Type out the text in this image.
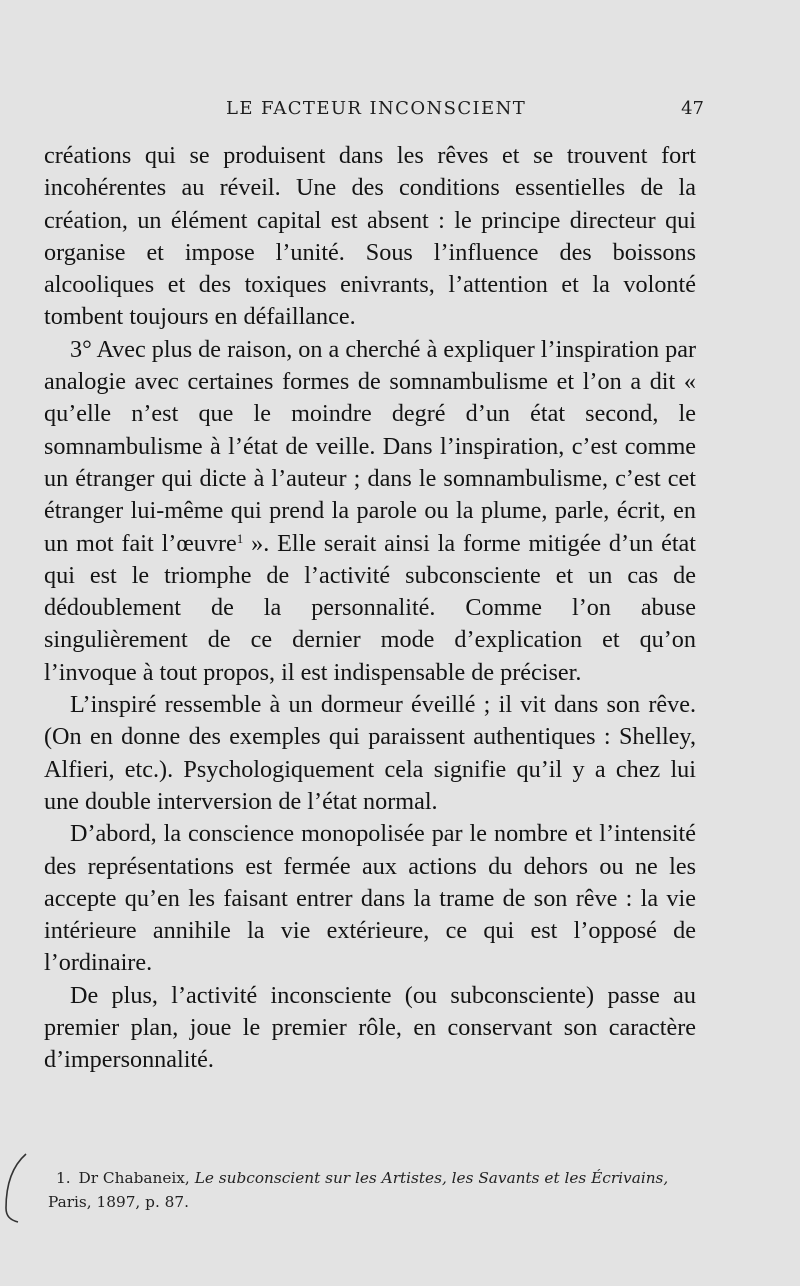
LE FACTEUR INCONSCIENT	47

créations qui se produisent dans les rêves et se trouvent fort incohérentes au réveil. Une des conditions essentielles de la création, un élément capital est absent : le principe directeur qui organise et impose l’unité. Sous l’influence des boissons alcooliques et des toxiques enivrants, l’attention et la volonté tombent toujours en défaillance.

3° Avec plus de raison, on a cherché à expliquer l’inspiration par analogie avec certaines formes de somnambulisme et l’on a dit « qu’elle n’est que le moindre degré d’un état second, le somnambulisme à l’état de veille. Dans l’inspiration, c’est comme un étranger qui dicte à l’auteur ; dans le somnambulisme, c’est cet étranger lui-même qui prend la parole ou la plume, parle, écrit, en un mot fait l’œuvre$^1$ ». Elle serait ainsi la forme mitigée d’un état qui est le triomphe de l’activité subconsciente et un cas de dédoublement de la personnalité. Comme l’on abuse singulièrement de ce dernier mode d’explication et qu’on l’invoque à tout propos, il est indispensable de préciser.

L’inspiré ressemble à un dormeur éveillé ; il vit dans son rêve. (On en donne des exemples qui paraissent authentiques : Shelley, Alfieri, etc.). Psychologiquement cela signifie qu’il y a chez lui une double interversion de l’état normal.

D’abord, la conscience monopolisée par le nombre et l’intensité des représentations est fermée aux actions du dehors ou ne les accepte qu’en les faisant entrer dans la trame de son rêve : la vie intérieure annihile la vie extérieure, ce qui est l’opposé de l’ordinaire.

De plus, l’activité inconsciente (ou subconsciente) passe au premier plan, joue le premier rôle, en conservant son caractère d’impersonnalité.

1. Dr Chabaneix, Le subconscient sur les Artistes, les Savants et les Écrivains, Paris, 1897, p. 87.
